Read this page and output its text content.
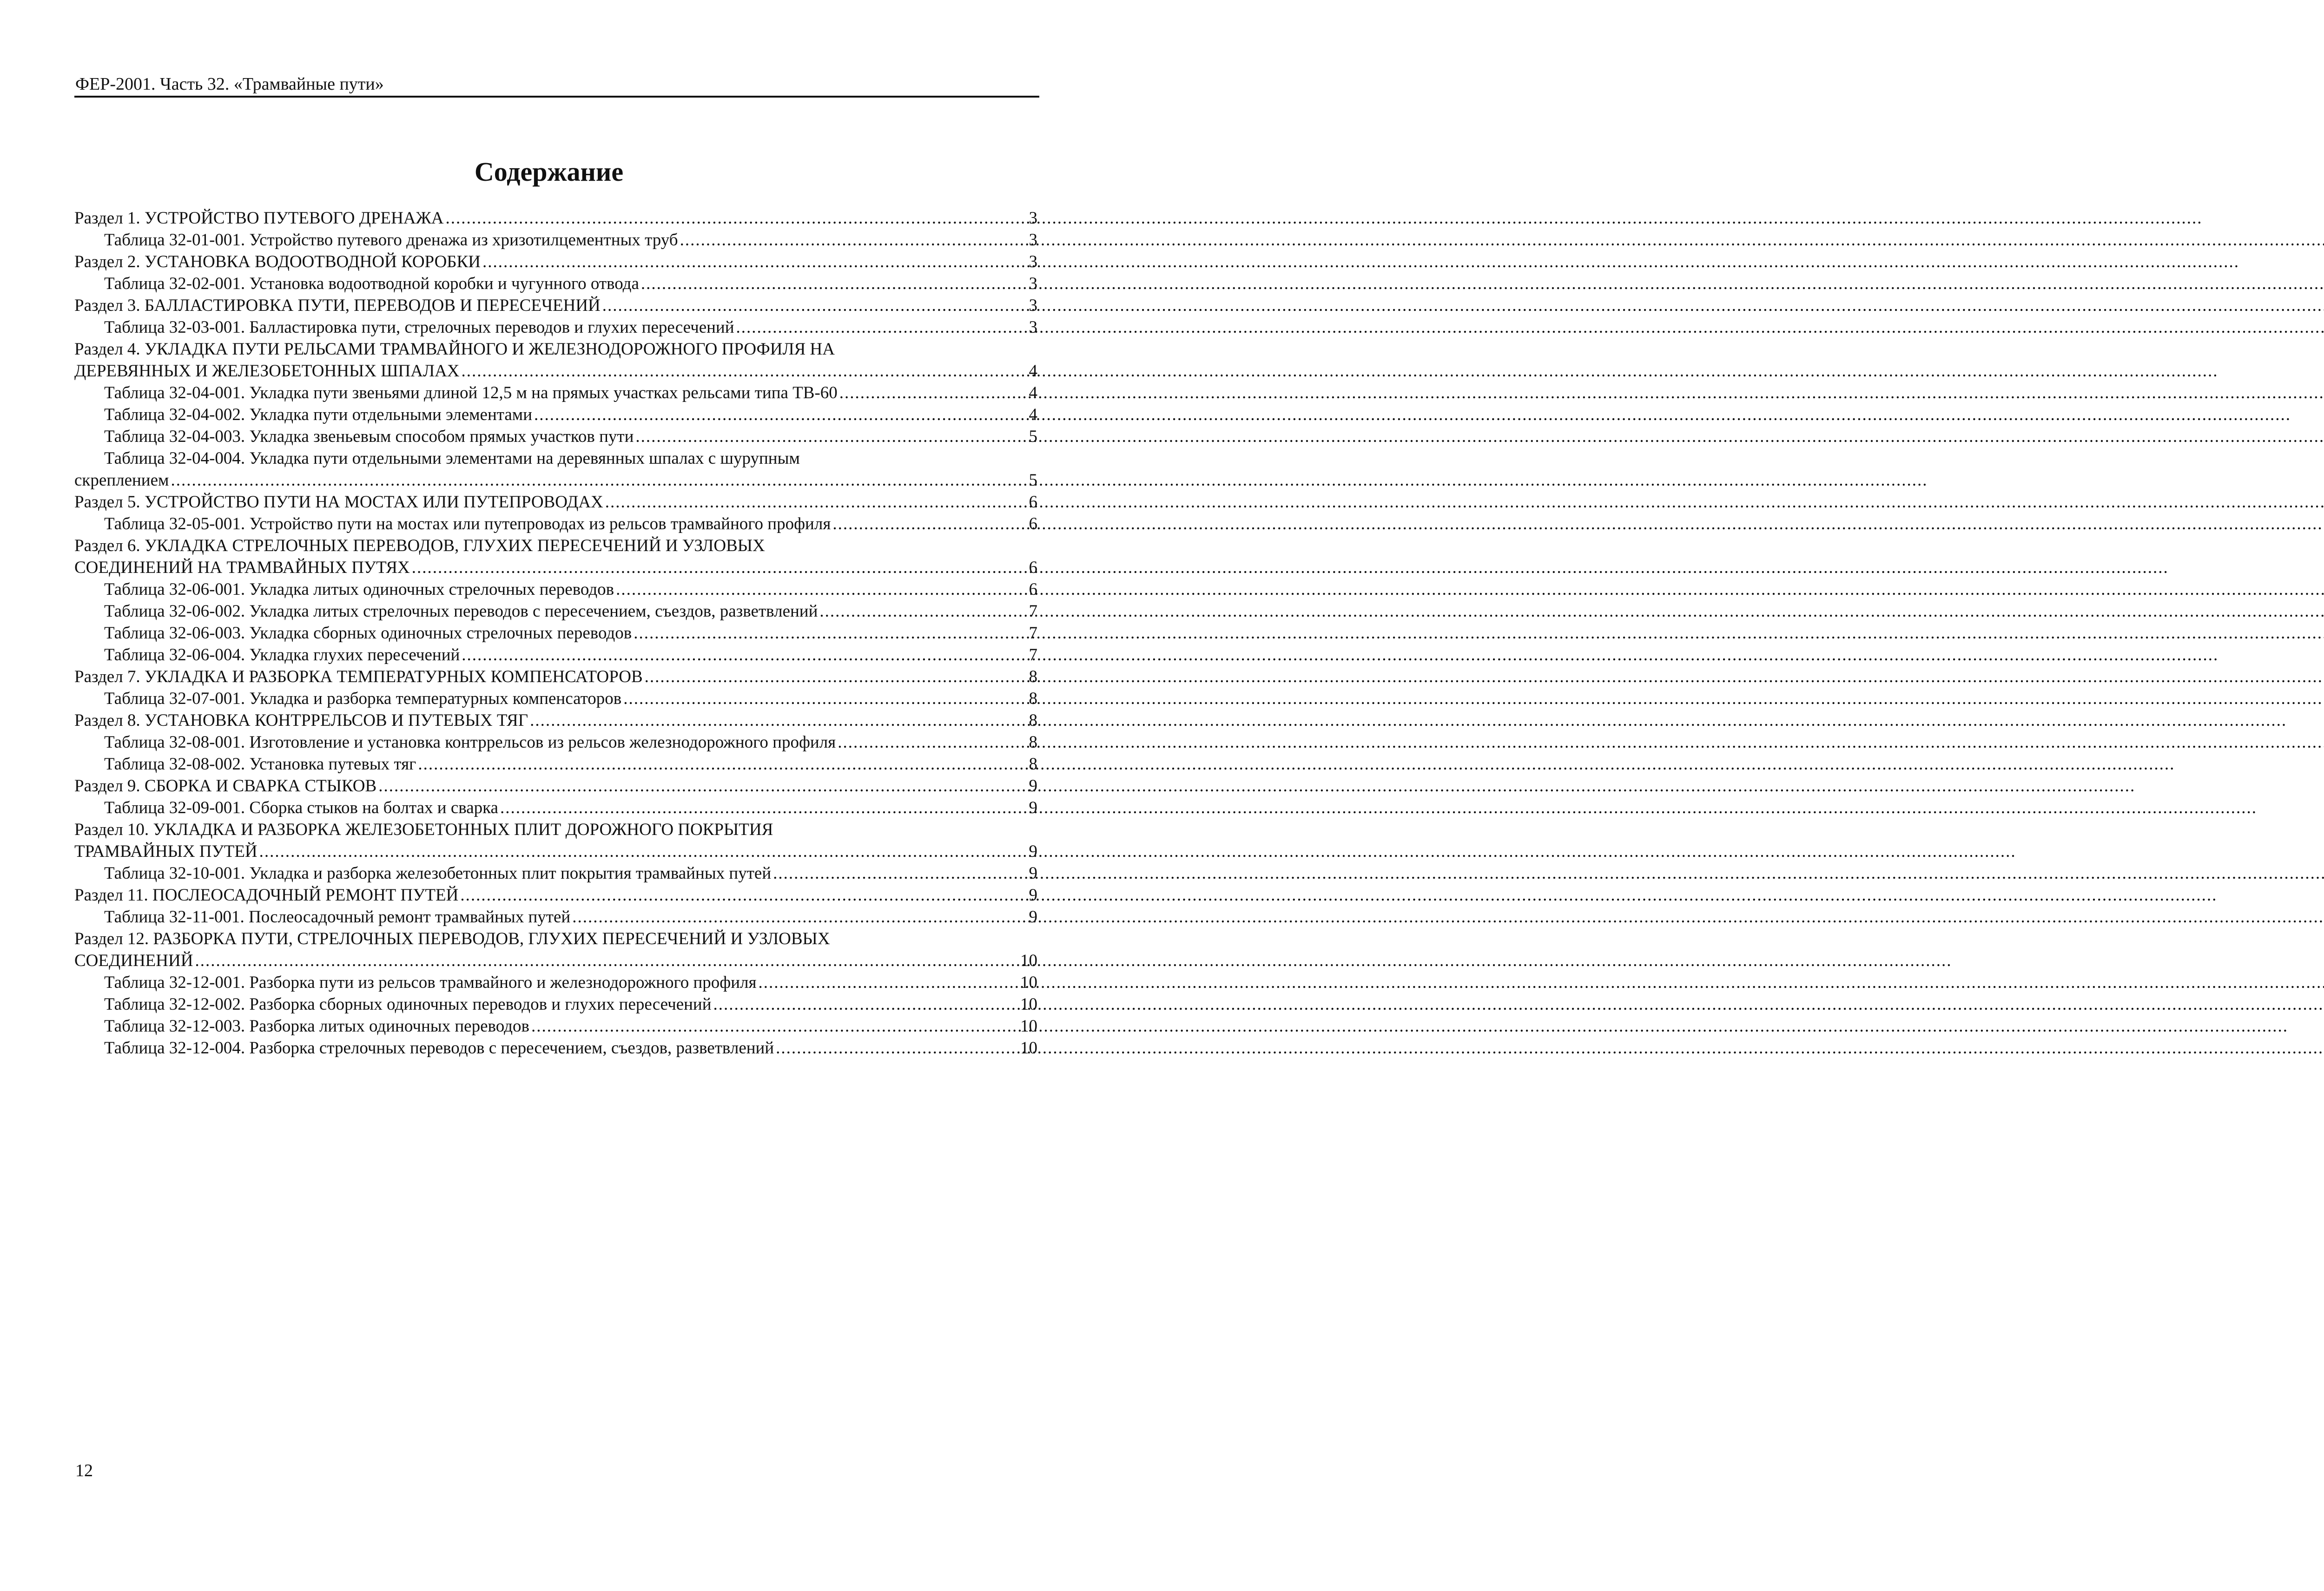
ФЕР-2001. Часть 32. «Трамвайные пути»
Содержание
Раздел 1. УСТРОЙСТВО ПУТЕВОГО ДРЕНАЖА .....	3
Таблица 32-01-001. Устройство путевого дренажа из хризотилцементных труб .....	3
Раздел 2. УСТАНОВКА ВОДООТВОДНОЙ КОРОБКИ .....	3
Таблица 32-02-001. Установка водоотводной коробки и чугунного отвода .....	3
Раздел 3. БАЛЛАСТИРОВКА ПУТИ, ПЕРЕВОДОВ И ПЕРЕСЕЧЕНИЙ .....	3
Таблица 32-03-001. Балластировка пути, стрелочных переводов и глухих пересечений .....	3
Раздел 4. УКЛАДКА ПУТИ РЕЛЬСАМИ ТРАМВАЙНОГО И ЖЕЛЕЗНОДОРОЖНОГО ПРОФИЛЯ НА
ДЕРЕВЯННЫХ И ЖЕЛЕЗОБЕТОННЫХ ШПАЛАХ .....	4
Таблица 32-04-001. Укладка пути звеньями длиной 12,5 м на прямых участках рельсами типа ТВ-60 .....	4
Таблица 32-04-002. Укладка пути отдельными элементами .....	4
Таблица 32-04-003. Укладка звеньевым способом прямых участков пути .....	5
Таблица 32-04-004. Укладка пути отдельными элементами на деревянных шпалах с шурупным
скреплением .....	5
Раздел 5. УСТРОЙСТВО ПУТИ НА МОСТАХ ИЛИ ПУТЕПРОВОДАХ .....	6
Таблица 32-05-001. Устройство пути на мостах или путепроводах из рельсов трамвайного профиля .....	6
Раздел 6. УКЛАДКА СТРЕЛОЧНЫХ ПЕРЕВОДОВ, ГЛУХИХ ПЕРЕСЕЧЕНИЙ И УЗЛОВЫХ
СОЕДИНЕНИЙ НА ТРАМВАЙНЫХ ПУТЯХ .....	6
Таблица 32-06-001. Укладка литых одиночных стрелочных переводов .....	6
Таблица 32-06-002. Укладка литых стрелочных переводов с пересечением, съездов, разветвлений .....	7
Таблица 32-06-003. Укладка сборных одиночных стрелочных переводов .....	7
Таблица 32-06-004. Укладка глухих пересечений .....	7
Раздел 7. УКЛАДКА И РАЗБОРКА ТЕМПЕРАТУРНЫХ КОМПЕНСАТОРОВ .....	8
Таблица 32-07-001. Укладка и разборка температурных компенсаторов .....	8
Раздел 8. УСТАНОВКА КОНТРРЕЛЬСОВ И ПУТЕВЫХ ТЯГ .....	8
Таблица 32-08-001. Изготовление и установка контррельсов из рельсов железнодорожного профиля .....	8
Таблица 32-08-002. Установка путевых тяг .....	8
Раздел 9. СБОРКА И СВАРКА СТЫКОВ .....	9
Таблица 32-09-001. Сборка стыков на болтах и сварка .....	9
Раздел 10. УКЛАДКА И РАЗБОРКА ЖЕЛЕЗОБЕТОННЫХ ПЛИТ ДОРОЖНОГО ПОКРЫТИЯ
ТРАМВАЙНЫХ ПУТЕЙ .....	9
Таблица 32-10-001. Укладка и разборка железобетонных плит покрытия трамвайных путей .....	9
Раздел 11. ПОСЛЕОСАДОЧНЫЙ РЕМОНТ ПУТЕЙ .....	9
Таблица 32-11-001. Послеосадочный ремонт трамвайных путей .....	9
Раздел 12. РАЗБОРКА ПУТИ, СТРЕЛОЧНЫХ ПЕРЕВОДОВ, ГЛУХИХ ПЕРЕСЕЧЕНИЙ И УЗЛОВЫХ
СОЕДИНЕНИЙ .....	10
Таблица 32-12-001. Разборка пути из рельсов трамвайного и железнодорожного профиля .....	10
Таблица 32-12-002. Разборка сборных одиночных переводов и глухих пересечений .....	10
Таблица 32-12-003. Разборка литых одиночных переводов .....	10
Таблица 32-12-004. Разборка стрелочных переводов с пересечением, съездов, разветвлений .....	10
12
